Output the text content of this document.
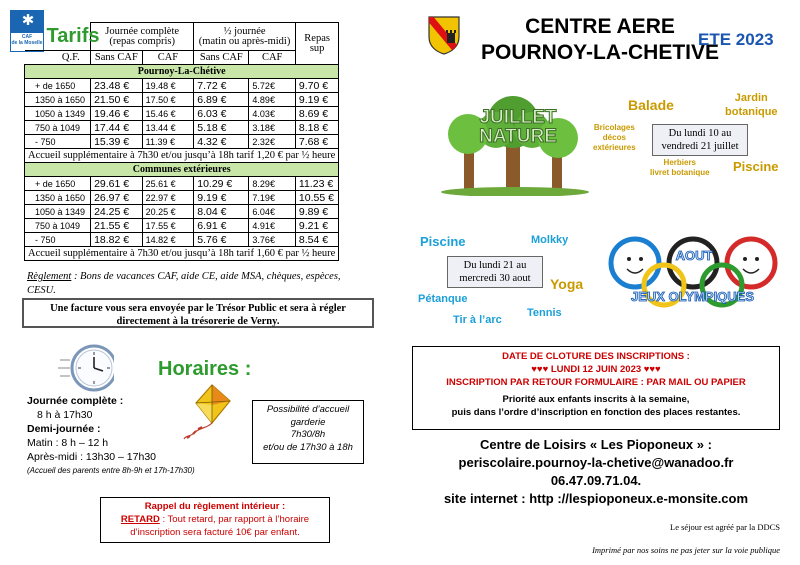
✱
CAF
de la Moselle Tarifs	Journée complète
(repas compris)		½ journée
(matin ou après-midi)		Repas
sup
Q.F.	Sans CAF	CAF	Sans CAF	CAF	
Pournoy-La-Chétive					
+ de 1650	23.48 €	19.48 €	7.72 €	5.72€	9.70 €
1350 à 1650	21.50 €	17.50 €	6.89 €	4.89€	9.19 €
1050 à 1349	19.46 €	15.46 €	6.03 €	4.03€	8.69 €
750 à 1049	17.44 €	13.44 €	5.18 €	3.18€	8.18 €
- 750	15.39 €	11.39 €	4.32 €	2.32€	7.68 €
Accueil supplémentaire à 7h30 et/ou jusqu’à 18h tarif 1,20 € par ½ heure					
Communes extérieures					
+ de 1650	29.61 €	25.61 €	10.29 €	8.29€	11.23 €
1350 à 1650	26.97 €	22.97 €	9.19 €	7.19€	10.55 €
1050 à 1349	24.25 €	20.25 €	8.04 €	6.04€	9.89 €
750 à 1049	21.55 €	17.55 €	6.91 €	4.91€	9.21 €
- 750	18.82 €	14.82 €	5.76 €	3.76€	8.54 €
Accueil supplémentaire à 7h30 et/ou jusqu’à 18h tarif 1,60 € par ½ heure					
Règlement : Bons de vacances CAF, aide CE, aide MSA, chèques, espèces, CESU.
Une facture vous sera envoyée par le Trésor Public et sera à régler directement à la trésorerie de Verny.
Horaires :
Journée complète :
8 h à 17h30
Demi-journée :
Matin : 8 h – 12 h
Après-midi : 13h30 – 17h30
(Accueil des parents entre 8h-9h et 17h-17h30)
Possibilité d’accueil
garderie
7h30/8h
et/ou de 17h30 à 18h
Rappel du règlement intérieur :
RETARD : Tout retard, par rapport à l’horaire d’inscription sera facturé 10€ par enfant.
CENTRE AERE
POURNOY-LA-CHETIVE
ETE 2023
JUILLET
NATURE
Balade	Jardin
botanique
Bricolages
décos
extérieures
Du lundi 10 au
vendredi 21 juillet
Herbiers
livret botanique Piscine
Piscine	Molkky
Du lundi 21 au
mercredi 30 aout	Yoga
Pétanque
Tir à l’arc
Tennis
AOUT
JEUX OLYMPIQUES
DATE DE CLOTURE DES INSCRIPTIONS :
♥♥♥ LUNDI 12 JUIN 2023 ♥♥♥
INSCRIPTION PAR RETOUR FORMULAIRE : PAR MAIL OU PAPIER
Priorité aux enfants inscrits à la semaine,
puis dans l’ordre d’inscription en fonction des places restantes.
Centre de Loisirs « Les Pioponeux » :
periscolaire.pournoy-la-chetive@wanadoo.fr
06.47.09.71.04.
site internet : http ://lespioponeux.e-monsite.com
Le séjour est agréé par la DDCS
Imprimé par nos soins ne pas jeter sur la voie publique
